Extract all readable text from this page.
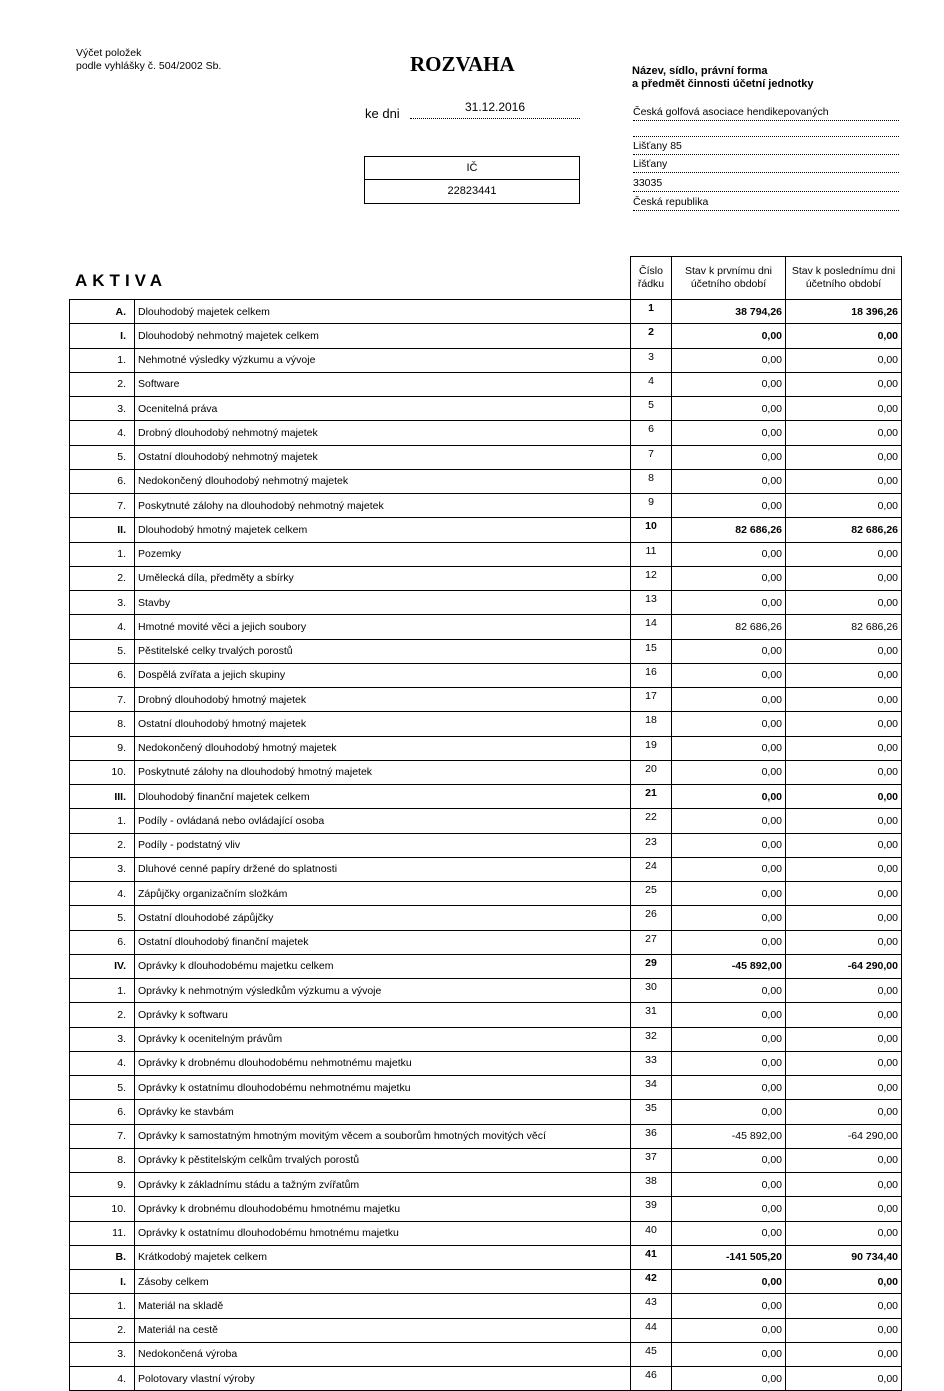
Výčet položek
podle vyhlášky č. 504/2002 Sb.	ROZVAHA
ke dni	31.12.2016
IČ
22823441
Název, sídlo, právní forma
a předmět činnosti účetní jednotky
Česká golfová asociace hendikepovaných
Lišťany 85
Lišťany
33035
Česká republika
AKTIVA
			Číslo řádku	Stav k prvnímu dni účetního období	Stav k poslednímu dni účetního období
A.	Dlouhodobý majetek celkem	1	38 794,26	18 396,26
I.	Dlouhodobý nehmotný majetek celkem	2	0,00	0,00
1.	Nehmotné výsledky výzkumu a vývoje	3	0,00	0,00
2.	Software	4	0,00	0,00
3.	Ocenitelná práva	5	0,00	0,00
4.	Drobný dlouhodobý nehmotný majetek	6	0,00	0,00
5.	Ostatní dlouhodobý nehmotný majetek	7	0,00	0,00
6.	Nedokončený dlouhodobý nehmotný majetek	8	0,00	0,00
7.	Poskytnuté zálohy na dlouhodobý nehmotný majetek	9	0,00	0,00
II.	Dlouhodobý hmotný majetek celkem	10	82 686,26	82 686,26
1.	Pozemky	11	0,00	0,00
2.	Umělecká díla, předměty a sbírky	12	0,00	0,00
3.	Stavby	13	0,00	0,00
4.	Hmotné movité věci a jejich soubory	14	82 686,26	82 686,26
5.	Pěstitelské celky trvalých porostů	15	0,00	0,00
6.	Dospělá zvířata a jejich skupiny	16	0,00	0,00
7.	Drobný dlouhodobý hmotný majetek	17	0,00	0,00
8.	Ostatní dlouhodobý hmotný majetek	18	0,00	0,00
9.	Nedokončený dlouhodobý hmotný majetek	19	0,00	0,00
10.	Poskytnuté zálohy na dlouhodobý hmotný majetek	20	0,00	0,00
III.	Dlouhodobý finanční majetek celkem	21	0,00	0,00
1.	Podíly - ovládaná nebo ovládající osoba	22	0,00	0,00
2.	Podíly - podstatný vliv	23	0,00	0,00
3.	Dluhové cenné papíry držené do splatnosti	24	0,00	0,00
4.	Zápůjčky organizačním složkám	25	0,00	0,00
5.	Ostatní dlouhodobé zápůjčky	26	0,00	0,00
6.	Ostatní dlouhodobý finanční majetek	27	0,00	0,00
IV.	Oprávky k dlouhodobému majetku celkem	29	-45 892,00	-64 290,00
1.	Oprávky k nehmotným výsledkům výzkumu a vývoje	30	0,00	0,00
2.	Oprávky k softwaru	31	0,00	0,00
3.	Oprávky k ocenitelným právům	32	0,00	0,00
4.	Oprávky k drobnému dlouhodobému nehmotnému majetku	33	0,00	0,00
5.	Oprávky k ostatnímu dlouhodobému nehmotnému majetku	34	0,00	0,00
6.	Oprávky ke stavbám	35	0,00	0,00
7.	Oprávky k samostatným hmotným movitým věcem a souborům hmotných movitých věcí	36	-45 892,00	-64 290,00
8.	Oprávky k pěstitelským celkům trvalých porostů	37	0,00	0,00
9.	Oprávky k základnímu stádu a tažným zvířatům	38	0,00	0,00
10.	Oprávky k drobnému dlouhodobému hmotnému majetku	39	0,00	0,00
11.	Oprávky k ostatnímu dlouhodobému hmotnému majetku	40	0,00	0,00
B.	Krátkodobý majetek celkem	41	-141 505,20	90 734,40
I.	Zásoby celkem	42	0,00	0,00
1.	Materiál na skladě	43	0,00	0,00
2.	Materiál na cestě	44	0,00	0,00
3.	Nedokončená výroba	45	0,00	0,00
4.	Polotovary vlastní výroby	46	0,00	0,00
